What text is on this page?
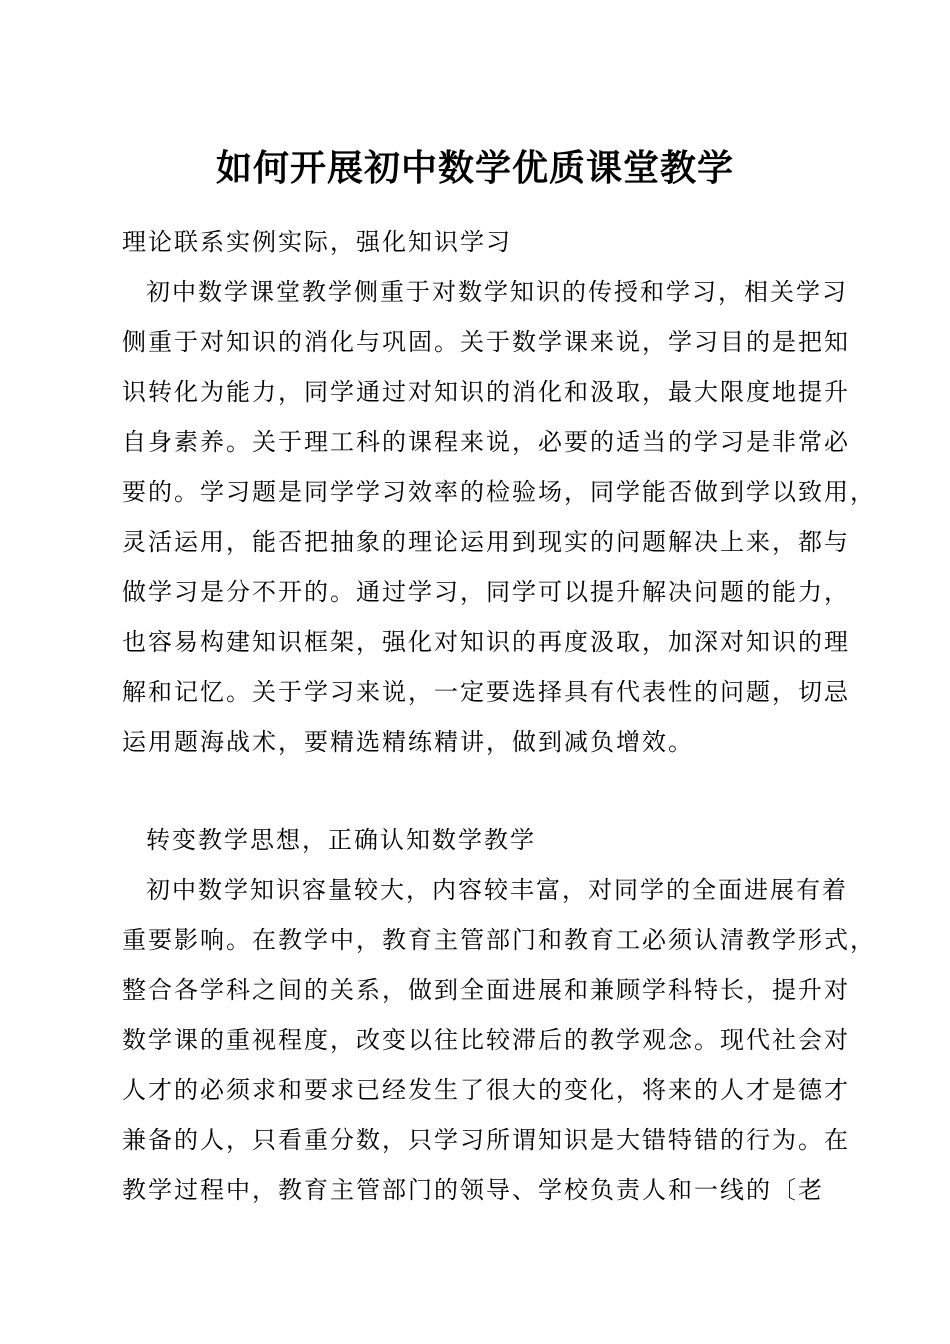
如何开展初中数学优质课堂教学
理论联系实例实际，强化知识学习
初中数学课堂教学侧重于对数学知识的传授和学习，相关学习
侧重于对知识的消化与巩固。关于数学课来说，学习目的是把知
识转化为能力，同学通过对知识的消化和汲取，最大限度地提升
自身素养。关于理工科的课程来说，必要的适当的学习是非常必
要的。学习题是同学学习效率的检验场，同学能否做到学以致用，
灵活运用，能否把抽象的理论运用到现实的问题解决上来，都与
做学习是分不开的。通过学习，同学可以提升解决问题的能力，
也容易构建知识框架，强化对知识的再度汲取，加深对知识的理
解和记忆。关于学习来说，一定要选择具有代表性的问题，切忌
运用题海战术，要精选精练精讲，做到减负增效。
转变教学思想，正确认知数学教学
初中数学知识容量较大，内容较丰富，对同学的全面进展有着
重要影响。在教学中，教育主管部门和教育工必须认清教学形式，
整合各学科之间的关系，做到全面进展和兼顾学科特长，提升对
数学课的重视程度，改变以往比较滞后的教学观念。现代社会对
人才的必须求和要求已经发生了很大的变化，将来的人才是德才
兼备的人，只看重分数，只学习所谓知识是大错特错的行为。在
教学过程中，教育主管部门的领导、学校负责人和一线的〔老
